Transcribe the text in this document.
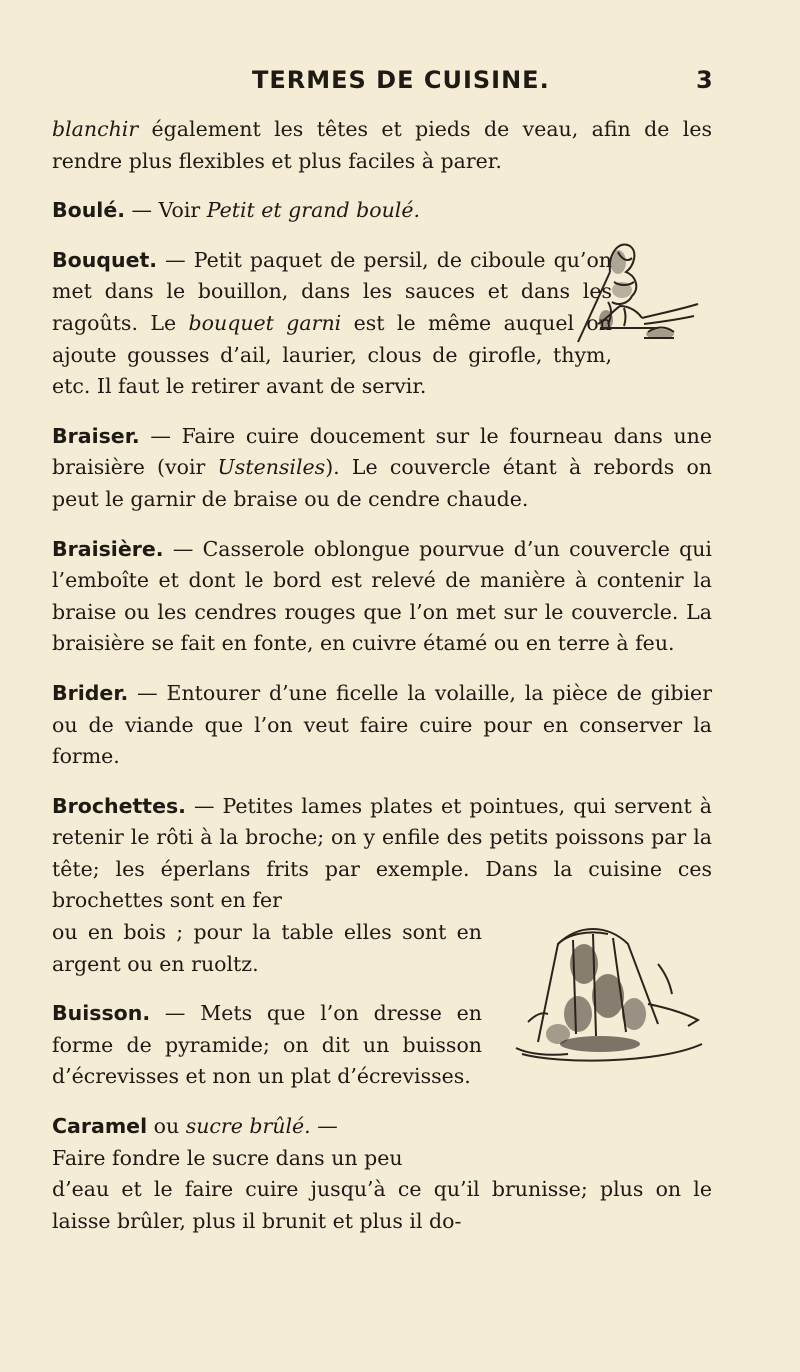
TERMES DE CUISINE.	3

blanchir également les têtes et pieds de veau, afin de les rendre plus flexibles et plus faciles à parer.

Boulé. — Voir Petit et grand boulé.

Bouquet. — Petit paquet de persil, de ciboule qu’on met dans le bouillon, dans les sauces et dans les ragoûts. Le bouquet garni est le même auquel on ajoute gousses d’ail, laurier, clous de girofle, thym, etc. Il faut le retirer avant de servir.

Braiser. — Faire cuire doucement sur le fourneau dans une braisière (voir Ustensiles). Le couvercle étant à rebords on peut le garnir de braise ou de cendre chaude.

Braisière. — Casserole oblongue pourvue d’un couvercle qui l’emboîte et dont le bord est relevé de manière à contenir la braise ou les cendres rouges que l’on met sur le couvercle. La braisière se fait en fonte, en cuivre étamé ou en terre à feu.

Brider. — Entourer d’une ficelle la volaille, la pièce de gibier ou de viande que l’on veut faire cuire pour en conserver la forme.

Brochettes. — Petites lames plates et pointues, qui servent à retenir le rôti à la broche; on y enfile des petits poissons par la tête; les éperlans frits par exemple. Dans la cuisine ces brochettes sont en fer

ou en bois ; pour la table elles sont en argent ou en ruoltz.

Buisson. — Mets que l’on dresse en forme de pyramide; on dit un buisson d’écrevisses et non un plat d’écrevisses.

Caramel ou sucre brûlé. —
Faire fondre le sucre dans un peu

d’eau et le faire cuire jusqu’à ce qu’il brunisse; plus on le laisse brûler, plus il brunit et plus il do-
